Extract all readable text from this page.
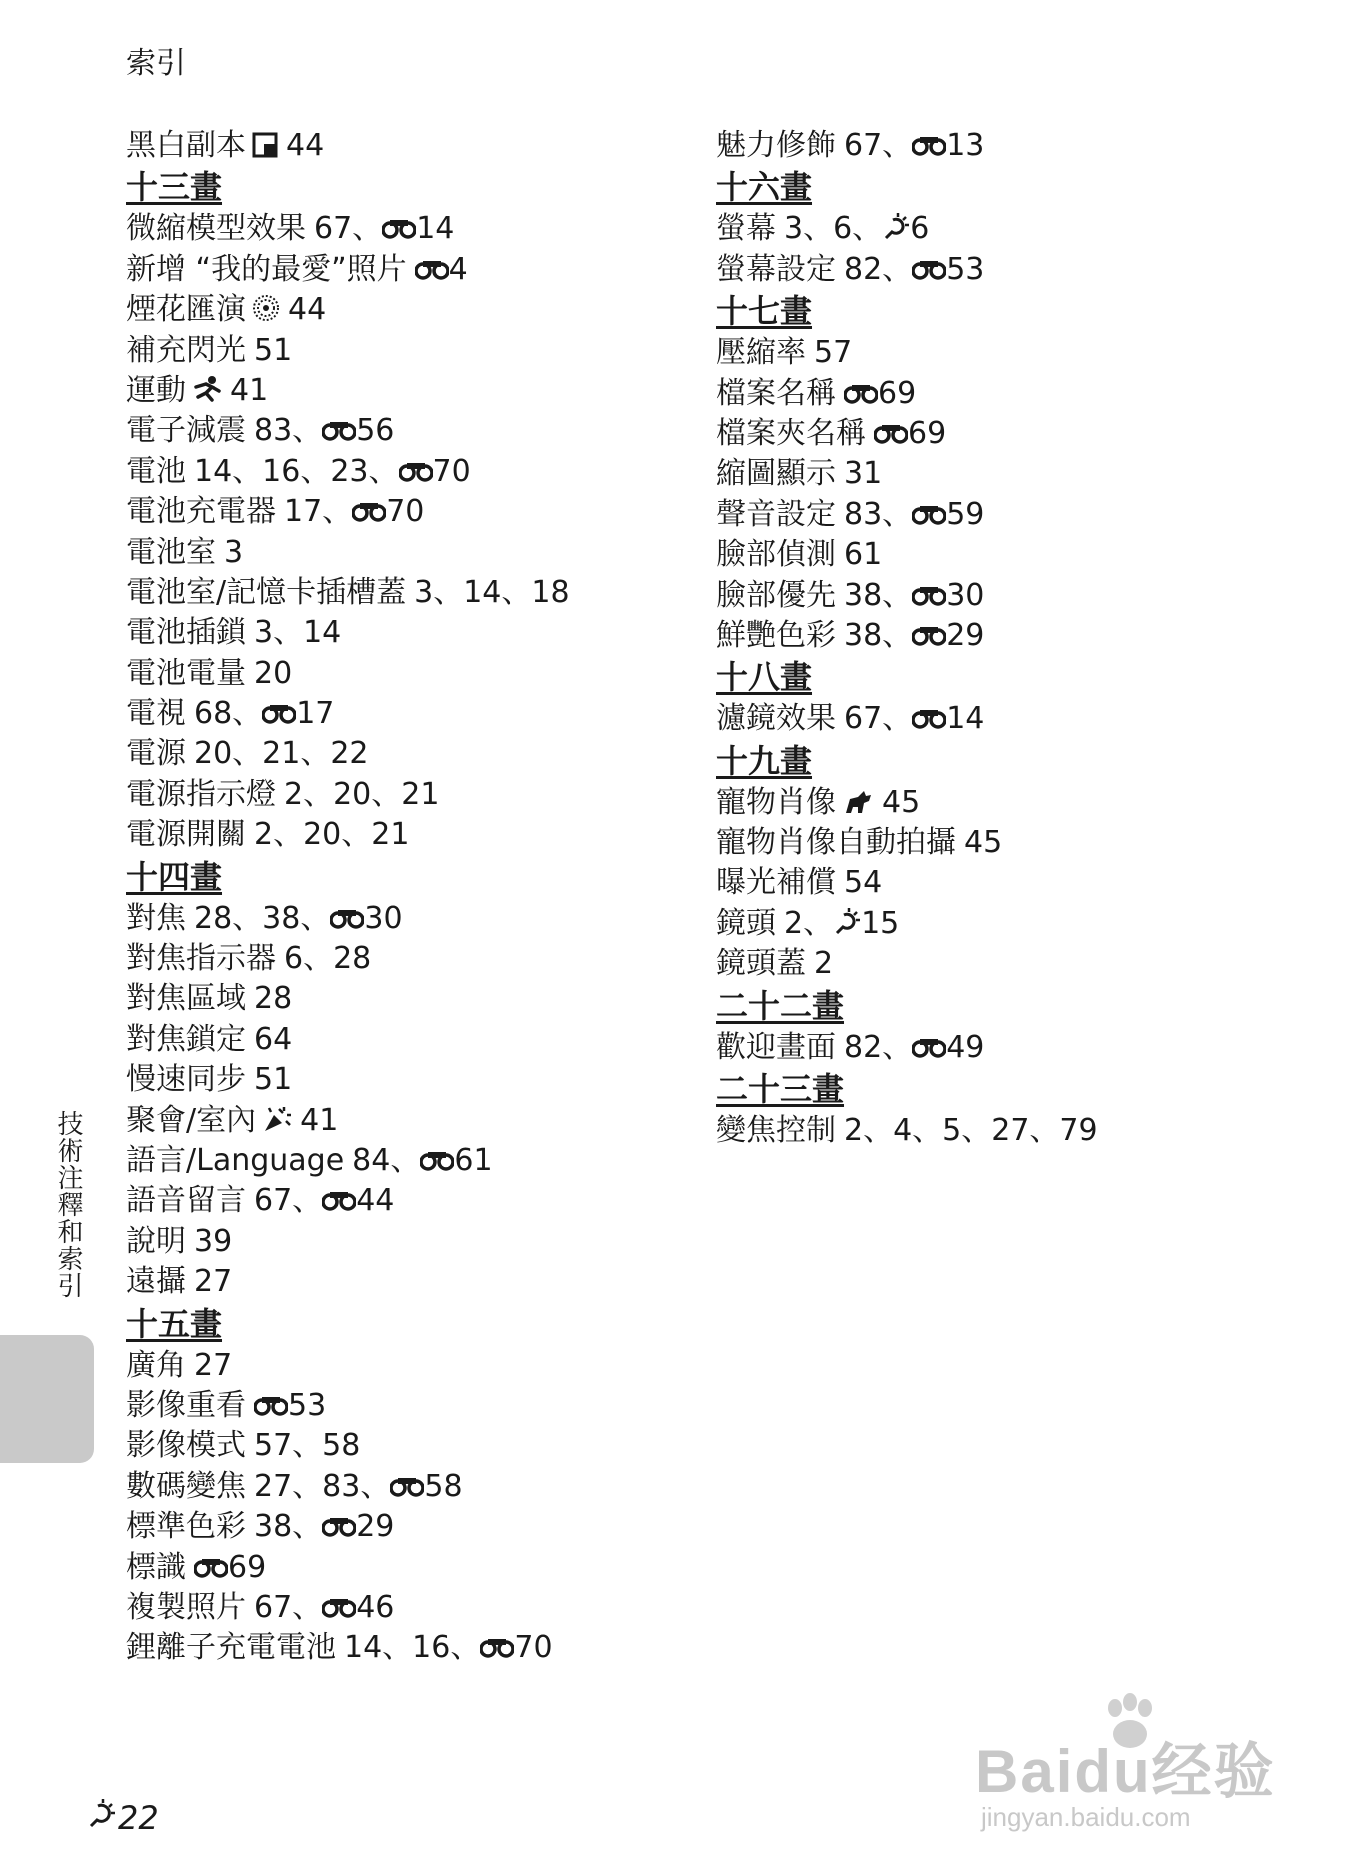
索引
黑白副本 44
十三畫
微縮模型效果 67、 14
新增 “我的最愛”照片 4
煙花匯演 44
補充閃光 51
運動 41
電子減震 83、 56
電池 14、16、23、 70
電池充電器 17、 70
電池室 3
電池室/記憶卡插槽蓋 3、14、18
電池插鎖 3、14
電池電量 20
電視 68、 17
電源 20、21、22
電源指示燈 2、20、21
電源開關 2、20、21
十四畫
對焦 28、38、 30
對焦指示器 6、28
對焦區域 28
對焦鎖定 64
慢速同步 51
聚會/室內 41
語言/Language 84、 61
語音留言 67、 44
說明 39
遠攝 27
十五畫
廣角 27
影像重看 53
影像模式 57、58
數碼變焦 27、83、 58
標準色彩 38、 29
標識 69
複製照片 67、 46
鋰離子充電電池 14、16、 70
魅力修飾 67、 13
十六畫
螢幕 3、6、 6
螢幕設定 82、 53
十七畫
壓縮率 57
檔案名稱 69
檔案夾名稱 69
縮圖顯示 31
聲音設定 83、 59
臉部偵測 61
臉部優先 38、 30
鮮艷色彩 38、 29
十八畫
濾鏡效果 67、 14
十九畫
寵物肖像 45
寵物肖像自動拍攝 45
曝光補償 54
鏡頭 2、 15
鏡頭蓋 2
二十二畫
歡迎畫面 82、 49
二十三畫
變焦控制 2、4、5、27、79
技術注釋和索引
22
Baidu经验
jingyan.baidu.com
